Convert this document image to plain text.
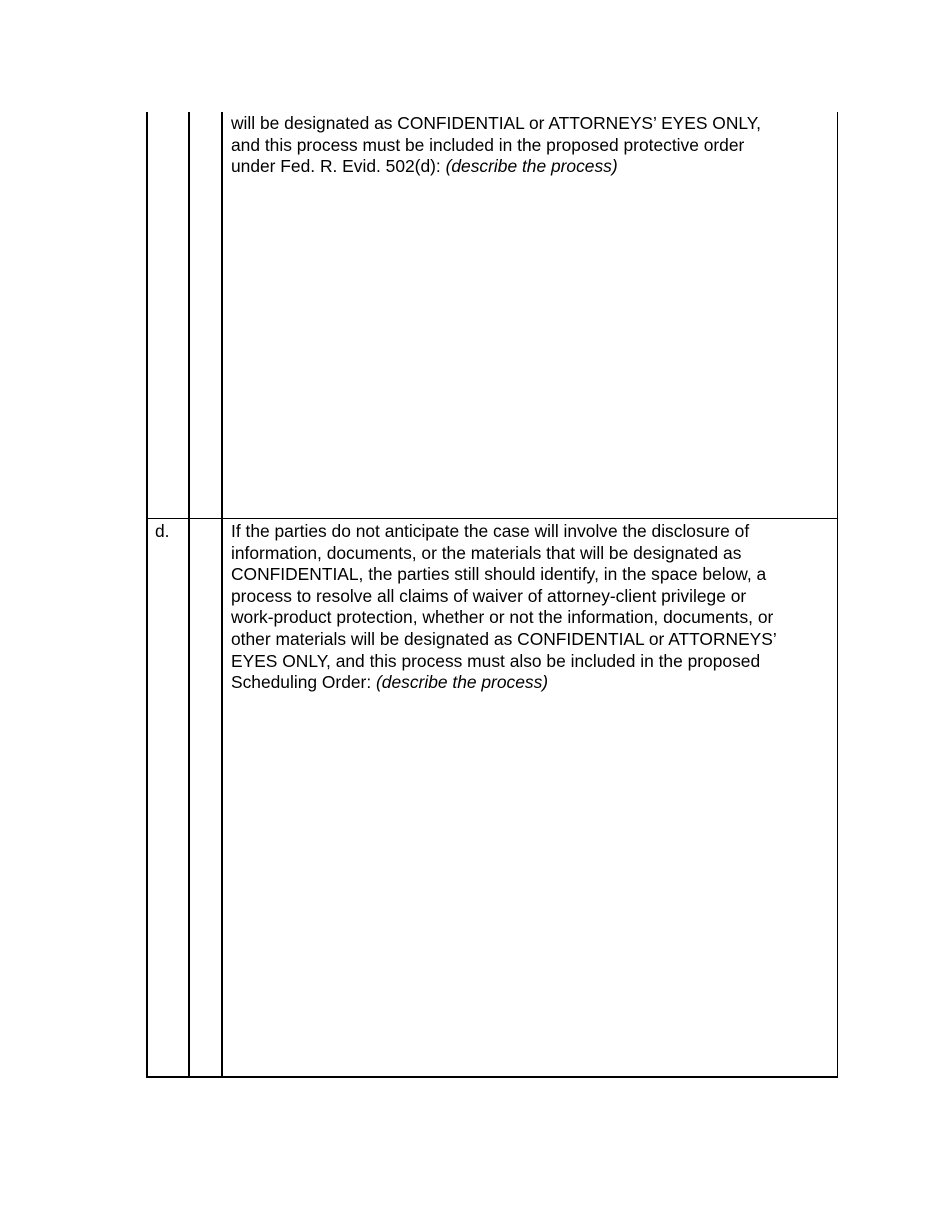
will be designated as CONFIDENTIAL or ATTORNEYS’ EYES ONLY,
and this process must be included in the proposed protective order
under Fed. R. Evid. 502(d): (describe the process)

d.	If the parties do not anticipate the case will involve the disclosure of
information, documents, or the materials that will be designated as
CONFIDENTIAL, the parties still should identify, in the space below, a
process to resolve all claims of waiver of attorney-client privilege or
work-product protection, whether or not the information, documents, or
other materials will be designated as CONFIDENTIAL or ATTORNEYS’
EYES ONLY, and this process must also be included in the proposed
Scheduling Order: (describe the process)
